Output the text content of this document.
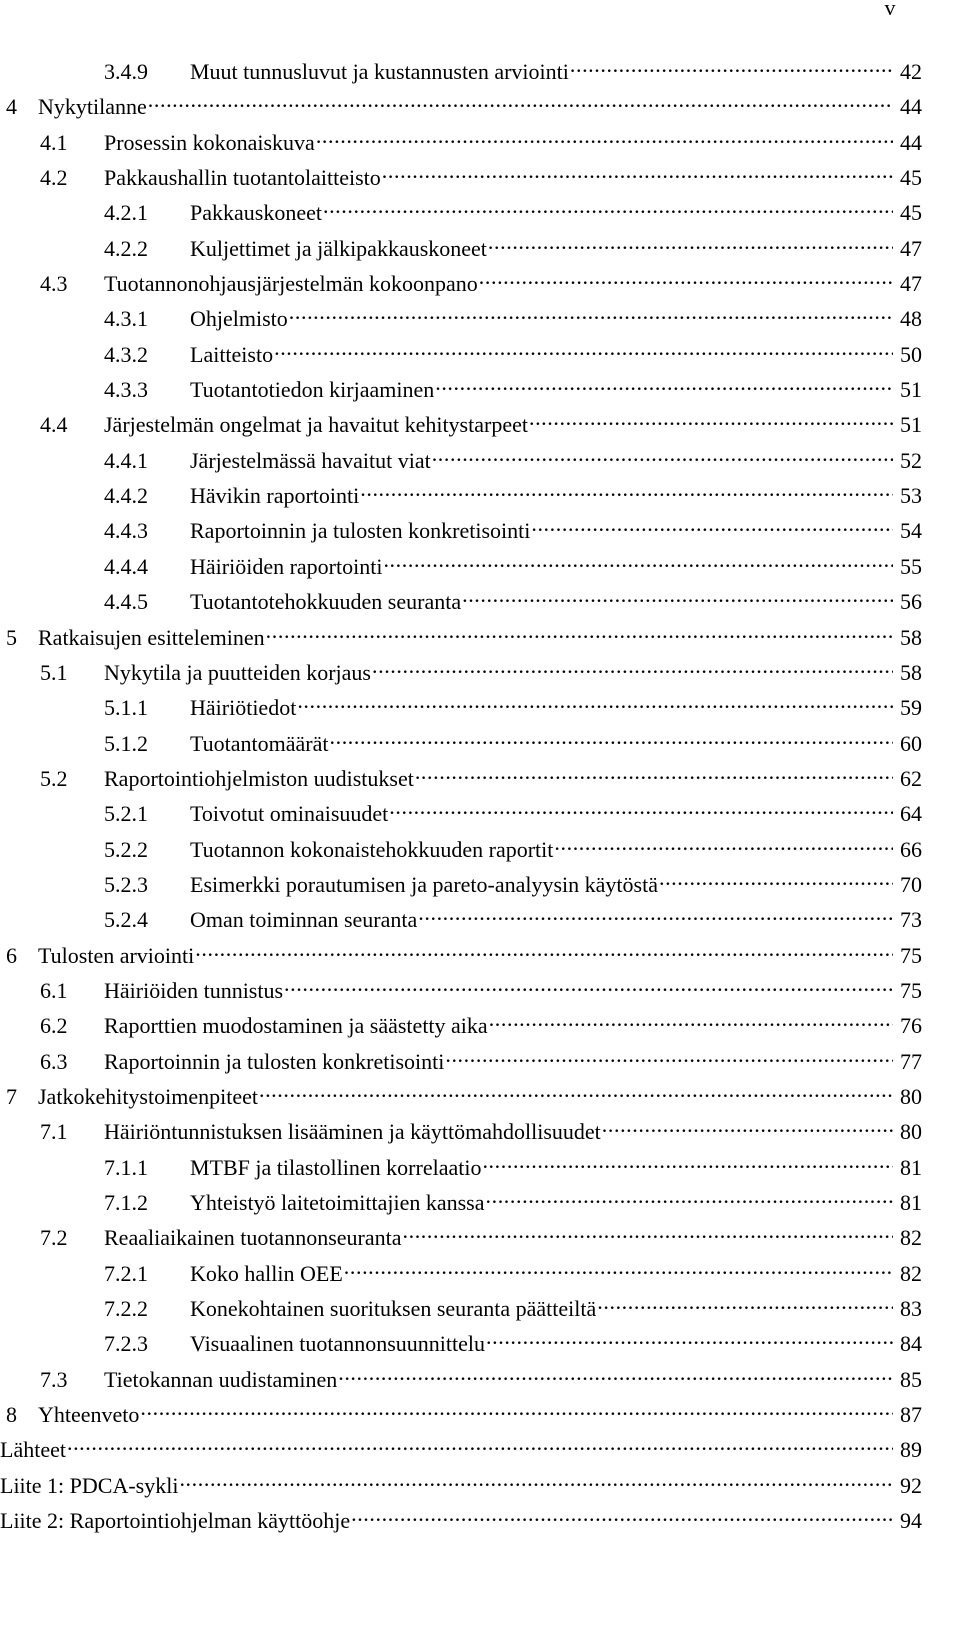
v
3.4.9	Muut tunnusluvut ja kustannusten arviointi .....	42
4 Nykytilanne .....	44
4.1	Prosessin kokonaiskuva .....	44
4.2	Pakkaushallin tuotantolaitteisto .....	45
4.2.1	Pakkauskoneet .....	45
4.2.2	Kuljettimet ja jälkipakkauskoneet .....	47
4.3	Tuotannonohjausjärjestelmän kokoonpano .....	47
4.3.1	Ohjelmisto .....	48
4.3.2	Laitteisto .....	50
4.3.3	Tuotantotiedon kirjaaminen .....	51
4.4	Järjestelmän ongelmat ja havaitut kehitystarpeet .....	51
4.4.1	Järjestelmässä havaitut viat .....	52
4.4.2	Hävikin raportointi .....	53
4.4.3	Raportoinnin ja tulosten konkretisointi .....	54
4.4.4	Häiriöiden raportointi .....	55
4.4.5	Tuotantotehokkuuden seuranta .....	56
5 Ratkaisujen esitteleminen .....	58
5.1	Nykytila ja puutteiden korjaus .....	58
5.1.1	Häiriötiedot .....	59
5.1.2	Tuotantomäärät .....	60
5.2	Raportointiohjelmiston uudistukset .....	62
5.2.1	Toivotut ominaisuudet .....	64
5.2.2	Tuotannon kokonaistehokkuuden raportit .....	66
5.2.3	Esimerkki porautumisen ja pareto-analyysin käytöstä .....	70
5.2.4	Oman toiminnan seuranta .....	73
6 Tulosten arviointi .....	75
6.1	Häiriöiden tunnistus .....	75
6.2	Raporttien muodostaminen ja säästetty aika .....	76
6.3	Raportoinnin ja tulosten konkretisointi .....	77
7 Jatkokehitystoimenpiteet .....	80
7.1	Häiriöntunnistuksen lisääminen ja käyttömahdollisuudet .....	80
7.1.1	MTBF ja tilastollinen korrelaatio .....	81
7.1.2	Yhteistyö laitetoimittajien kanssa .....	81
7.2	Reaaliaikainen tuotannonseuranta .....	82
7.2.1	Koko hallin OEE .....	82
7.2.2	Konekohtainen suorituksen seuranta päätteiltä .....	83
7.2.3	Visuaalinen tuotannonsuunnittelu .....	84
7.3	Tietokannan uudistaminen .....	85
8 Yhteenveto .....	87
Lähteet .....	89
Liite 1: PDCA-sykli .....	92
Liite 2: Raportointiohjelman käyttöohje .....	94
